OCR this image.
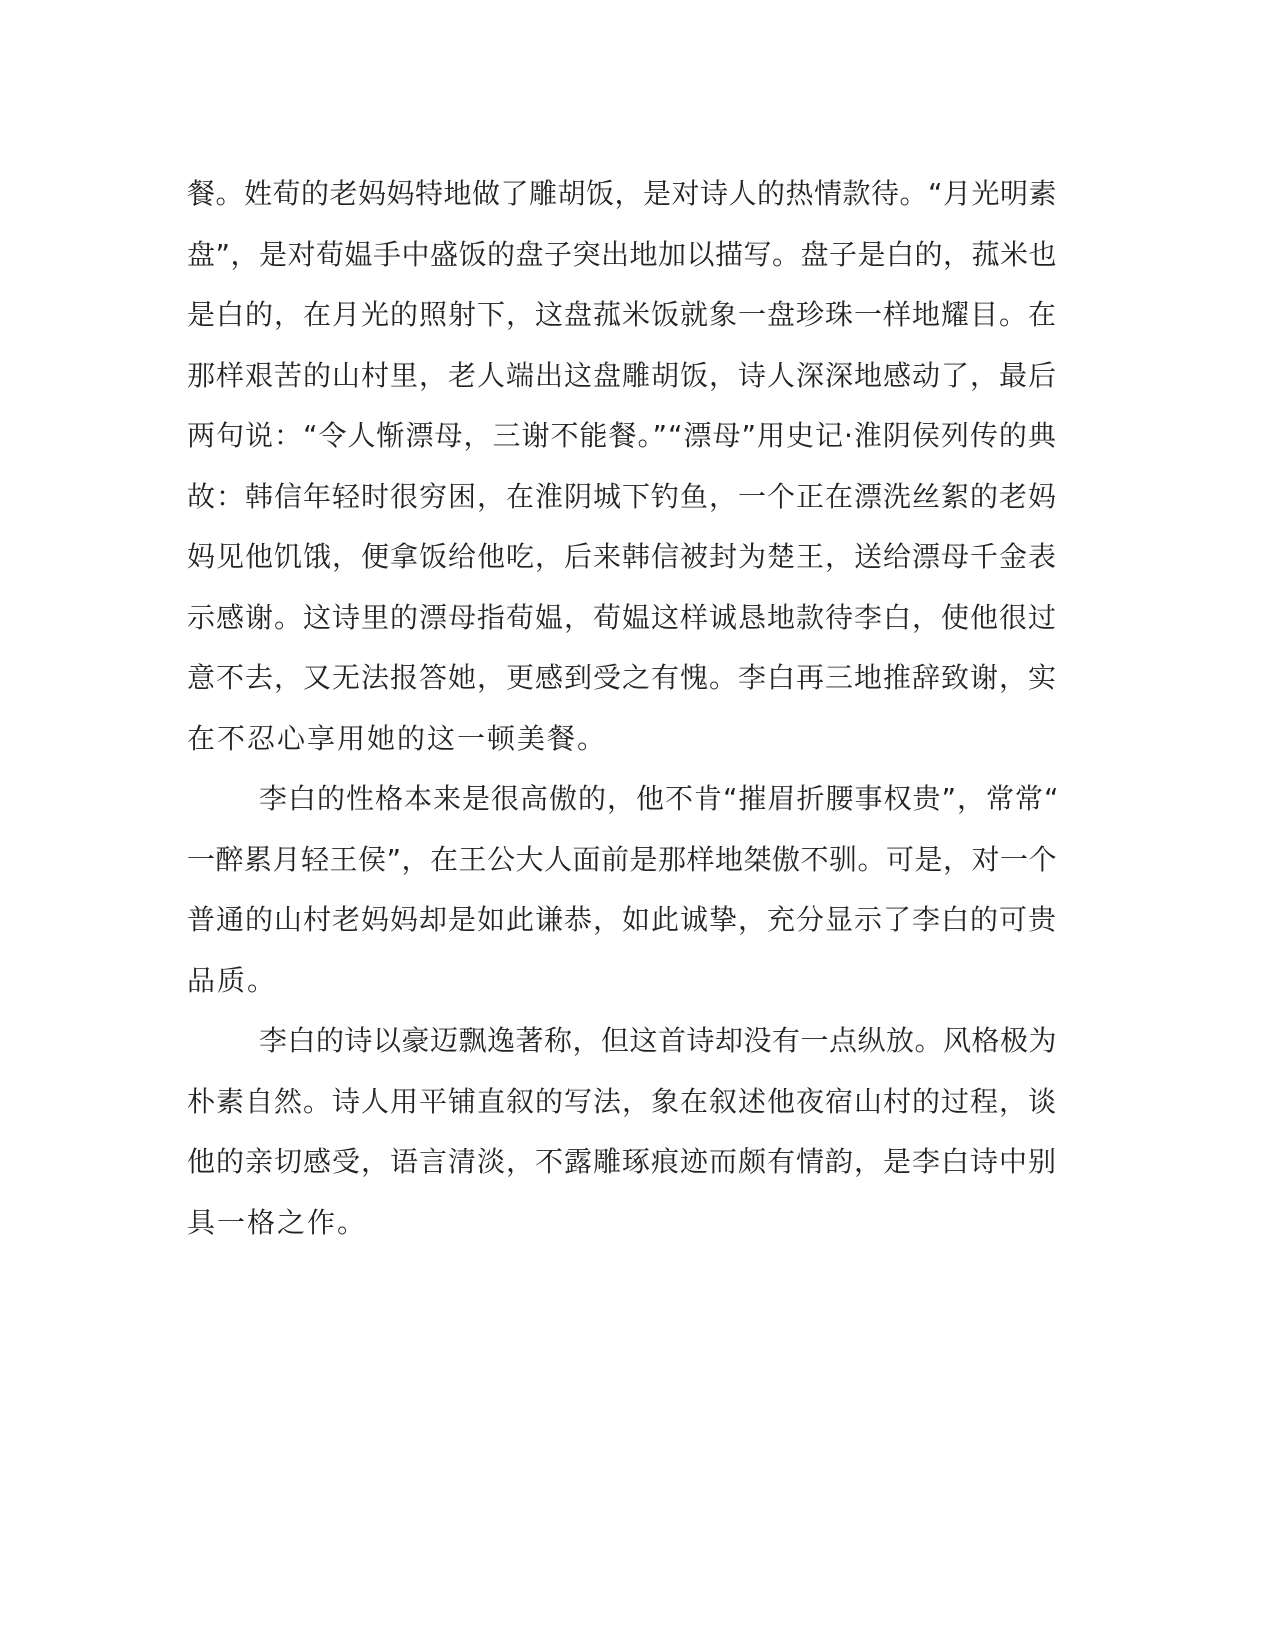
餐。姓荀的老妈妈特地做了雕胡饭，是对诗人的热情款待。“月光明素
盘”，是对荀媪手中盛饭的盘子突出地加以描写。盘子是白的，菰米也
是白的，在月光的照射下，这盘菰米饭就象一盘珍珠一样地耀目。在
那样艰苦的山村里，老人端出这盘雕胡饭，诗人深深地感动了，最后
两句说：“令人惭漂母，三谢不能餐。”“漂母”用史记·淮阴侯列传的典
故：韩信年轻时很穷困，在淮阴城下钓鱼，一个正在漂洗丝絮的老妈
妈见他饥饿，便拿饭给他吃，后来韩信被封为楚王，送给漂母千金表
示感谢。这诗里的漂母指荀媪，荀媪这样诚恳地款待李白，使他很过
意不去，又无法报答她，更感到受之有愧。李白再三地推辞致谢，实
在不忍心享用她的这一顿美餐。
李白的性格本来是很高傲的，他不肯“摧眉折腰事权贵”，常常“
一醉累月轻王侯”，在王公大人面前是那样地桀傲不驯。可是，对一个
普通的山村老妈妈却是如此谦恭，如此诚挚，充分显示了李白的可贵
品质。
李白的诗以豪迈飘逸著称，但这首诗却没有一点纵放。风格极为
朴素自然。诗人用平铺直叙的写法，象在叙述他夜宿山村的过程，谈
他的亲切感受，语言清淡，不露雕琢痕迹而颇有情韵，是李白诗中别
具一格之作。
